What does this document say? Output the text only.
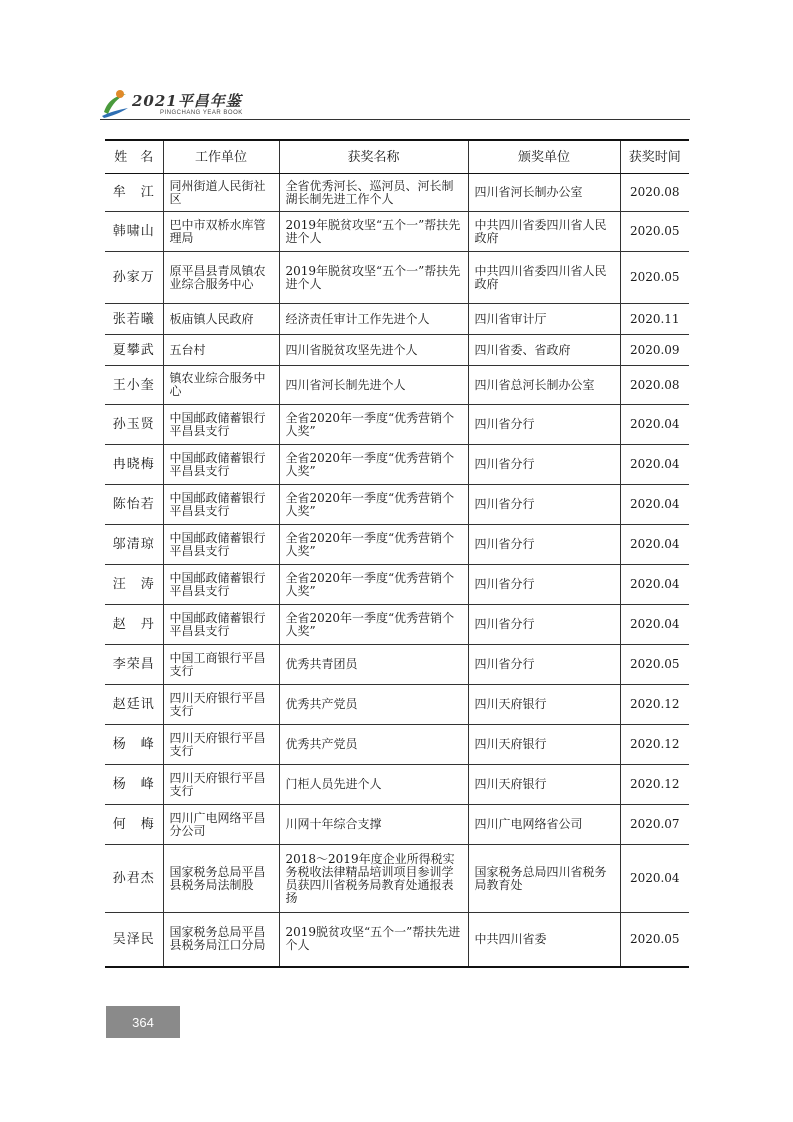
2021平昌年鉴
PINGCHANG YEAR BOOK
姓　名	工作单位	获奖名称	颁奖单位	获奖时间
牟　江	同州街道人民街社区	全省优秀河长、巡河员、河长制湖长制先进工作个人	四川省河长制办公室	2020.08
韩啸山	巴中市双桥水库管理局	2019年脱贫攻坚“五个一”帮扶先进个人	中共四川省委四川省人民政府	2020.05
孙家万	原平昌县青凤镇农业综合服务中心	2019年脱贫攻坚“五个一”帮扶先进个人	中共四川省委四川省人民政府	2020.05
张若曦	板庙镇人民政府	经济责任审计工作先进个人	四川省审计厅	2020.11
夏攀武	五台村	四川省脱贫攻坚先进个人	四川省委、省政府	2020.09
王小奎	镇农业综合服务中心	四川省河长制先进个人	四川省总河长制办公室	2020.08
孙玉贤	中国邮政储蓄银行平昌县支行	全省2020年一季度“优秀营销个人奖”	四川省分行	2020.04
冉晓梅	中国邮政储蓄银行平昌县支行	全省2020年一季度“优秀营销个人奖”	四川省分行	2020.04
陈怡若	中国邮政储蓄银行平昌县支行	全省2020年一季度“优秀营销个人奖”	四川省分行	2020.04
邬清琼	中国邮政储蓄银行平昌县支行	全省2020年一季度“优秀营销个人奖”	四川省分行	2020.04
汪　涛	中国邮政储蓄银行平昌县支行	全省2020年一季度“优秀营销个人奖”	四川省分行	2020.04
赵　丹	中国邮政储蓄银行平昌县支行	全省2020年一季度“优秀营销个人奖”	四川省分行	2020.04
李荣昌	中国工商银行平昌支行	优秀共青团员	四川省分行	2020.05
赵廷讯	四川天府银行平昌支行	优秀共产党员	四川天府银行	2020.12
杨　峰	四川天府银行平昌支行	优秀共产党员	四川天府银行	2020.12
杨　峰	四川天府银行平昌支行	门柜人员先进个人	四川天府银行	2020.12
何　梅	四川广电网络平昌分公司	川网十年综合支撑	四川广电网络省公司	2020.07
孙君杰	国家税务总局平昌县税务局法制股	2018～2019年度企业所得税实务税收法律精品培训项目参训学员获四川省税务局教育处通报表扬	国家税务总局四川省税务局教育处	2020.04
吴泽民	国家税务总局平昌县税务局江口分局	2019脱贫攻坚“五个一”帮扶先进个人	中共四川省委	2020.05
364
